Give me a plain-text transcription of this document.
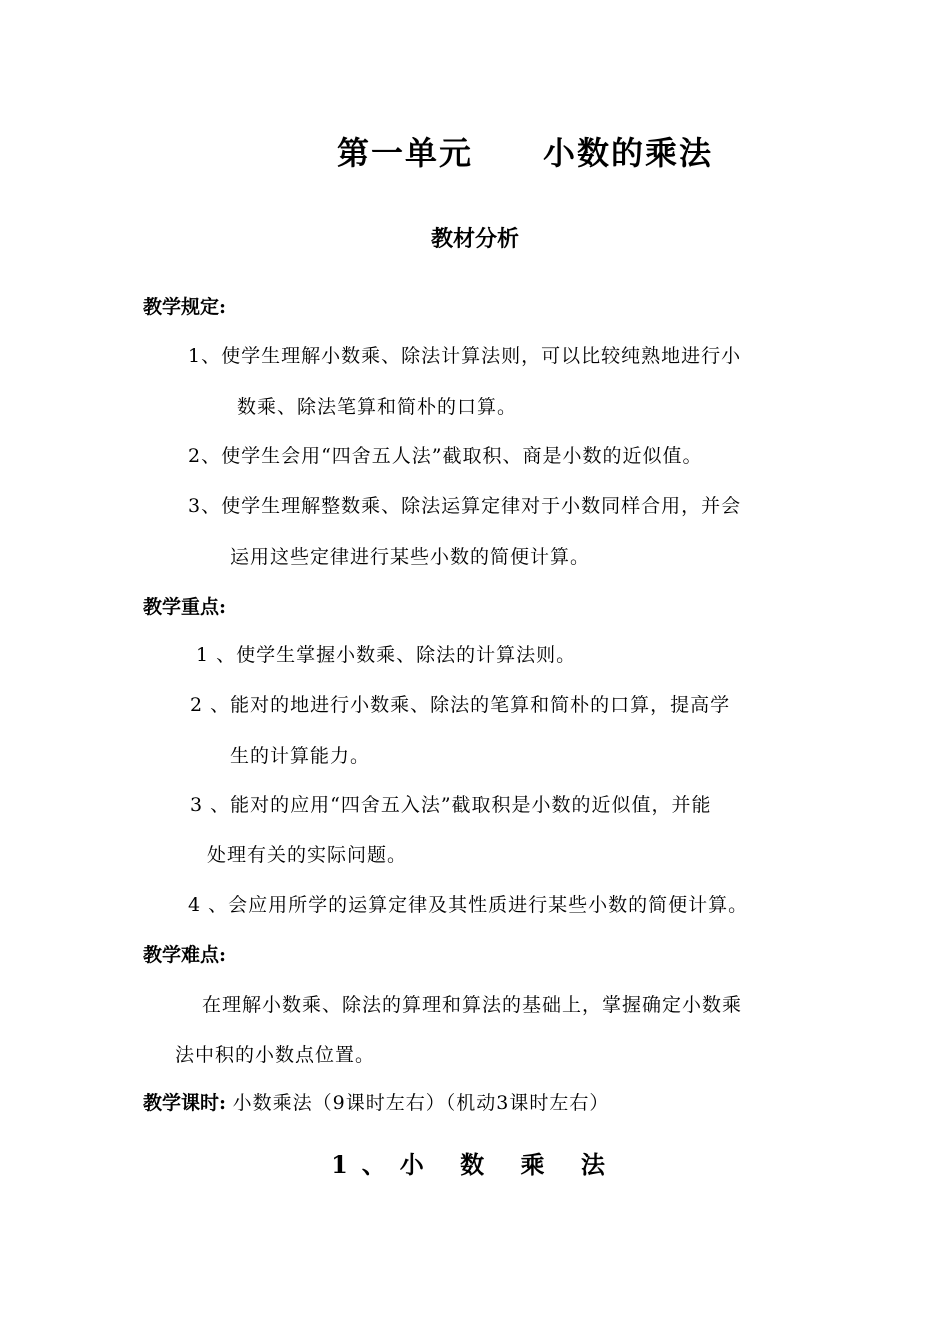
第一单元 小数的乘法
教材分析
教学规定:
1、使学生理解小数乘、除法计算法则，可以比较纯熟地进行小
数乘、除法笔算和简朴的口算。
2、使学生会用“四舍五人法”截取积、商是小数的近似值。
3、使学生理解整数乘、除法运算定律对于小数同样合用，并会
运用这些定律进行某些小数的简便计算。
教学重点:
1 、使学生掌握小数乘、除法的计算法则。
2 、能对的地进行小数乘、除法的笔算和简朴的口算，提高学
生的计算能力。
3 、能对的应用“四舍五入法”截取积是小数的近似值，并能
处理有关的实际问题。
4 、会应用所学的运算定律及其性质进行某些小数的简便计算。
教学难点:
在理解小数乘、除法的算理和算法的基础上，掌握确定小数乘
法中积的小数点位置。
教学课时: 小数乘法（9课时左右）（机动3课时左右）
1、小 数 乘 法
